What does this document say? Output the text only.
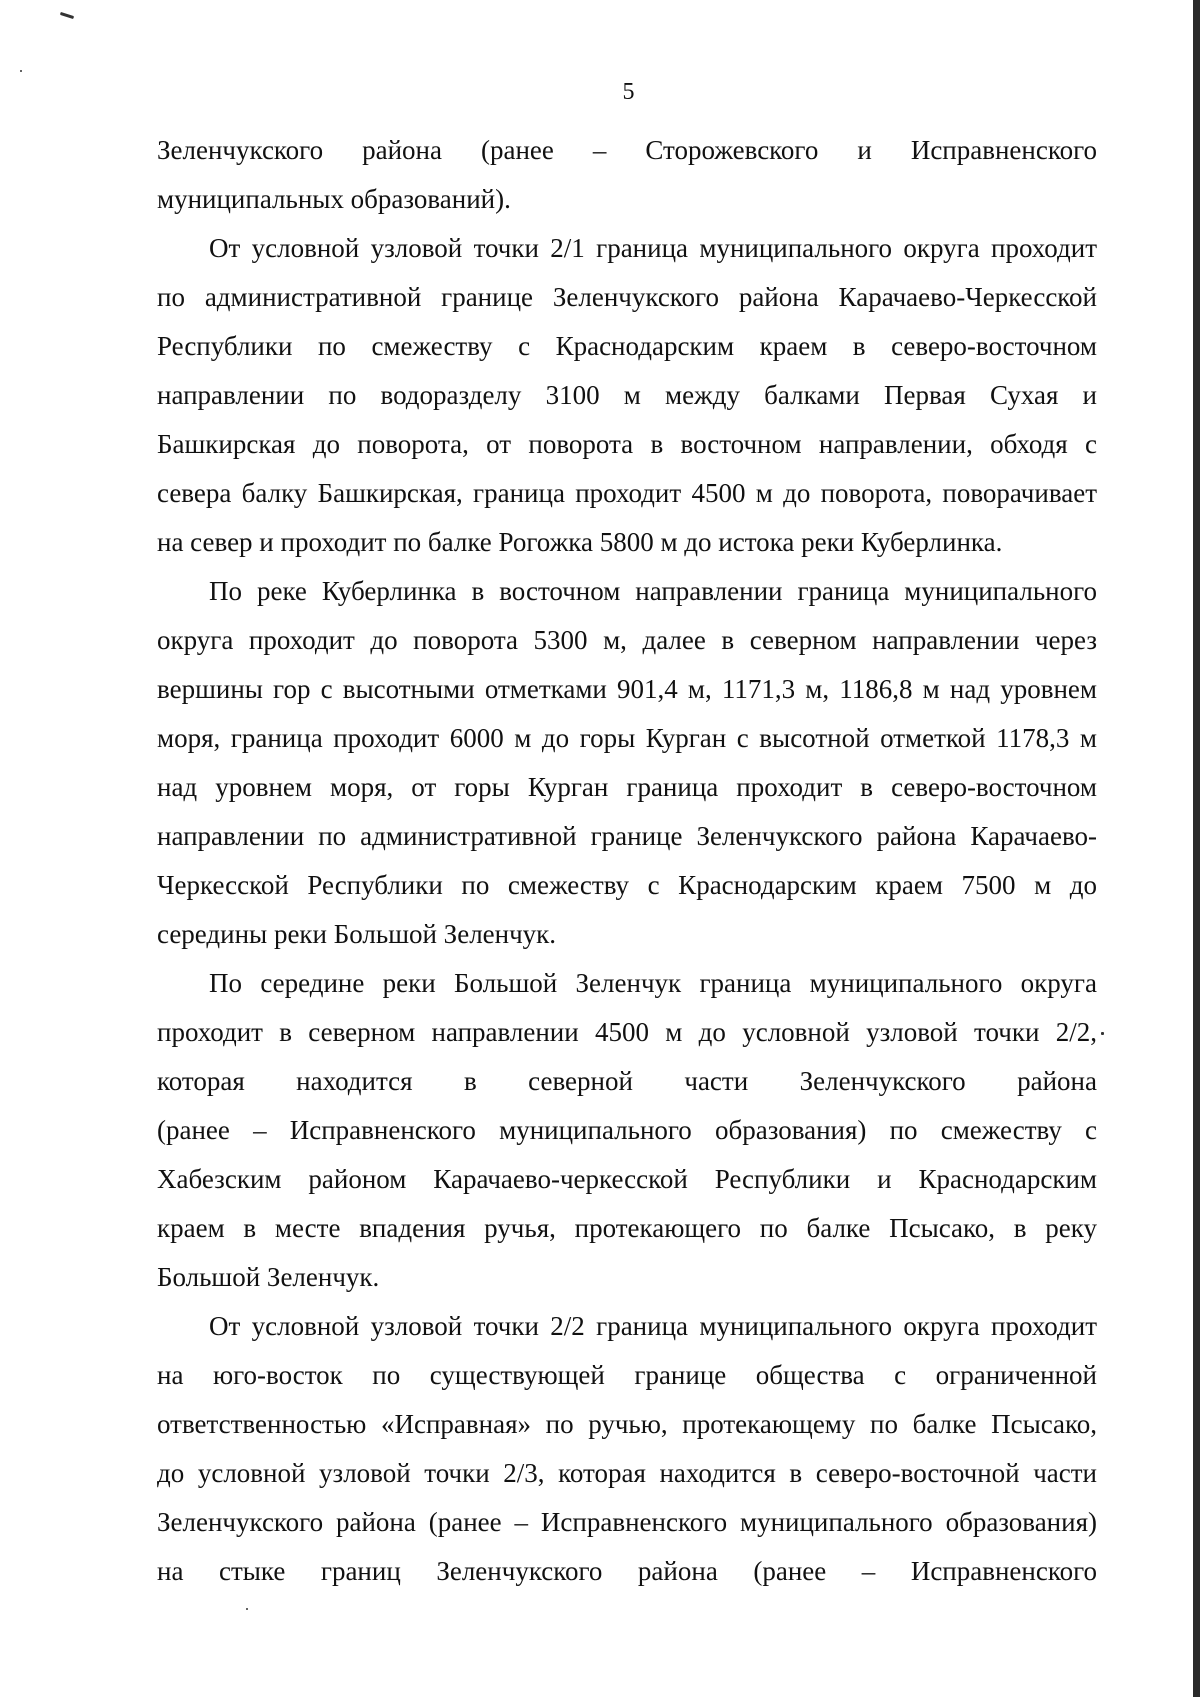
5
Зеленчукского района (ранее – Сторожевского и Исправненского
муниципальных образований).
От условной узловой точки 2/1 граница муниципального округа проходит
по административной границе Зеленчукского района Карачаево-Черкесской
Республики по смежеству с Краснодарским краем в северо-восточном
направлении по водоразделу 3100 м между балками Первая Сухая и
Башкирская до поворота, от поворота в восточном направлении, обходя с
севера балку Башкирская, граница проходит 4500 м до поворота, поворачивает
на север и проходит по балке Рогожка 5800 м до истока реки Куберлинка.
По реке Куберлинка в восточном направлении граница муниципального
округа проходит до поворота 5300 м, далее в северном направлении через
вершины гор с высотными отметками 901,4 м, 1171,3 м, 1186,8 м над уровнем
моря, граница проходит 6000 м до горы Курган с высотной отметкой 1178,3 м
над уровнем моря, от горы Курган граница проходит в северо-восточном
направлении по административной границе Зеленчукского района Карачаево-
Черкесской Республики по смежеству с Краснодарским краем 7500 м до
середины реки Большой Зеленчук.
По середине реки Большой Зеленчук граница муниципального округа
проходит в северном направлении 4500 м до условной узловой точки 2/2,
которая находится в северной части Зеленчукского района
(ранее – Исправненского муниципального образования) по смежеству с
Хабезским районом Карачаево-черкесской Республики и Краснодарским
краем в месте впадения ручья, протекающего по балке Псысако, в реку
Большой Зеленчук.
От условной узловой точки 2/2 граница муниципального округа проходит
на юго-восток по существующей границе общества с ограниченной
ответственностью «Исправная» по ручью, протекающему по балке Псысако,
до условной узловой точки 2/3, которая находится в северо-восточной части
Зеленчукского района (ранее – Исправненского муниципального образования)
на стыке границ Зеленчукского района (ранее – Исправненского
